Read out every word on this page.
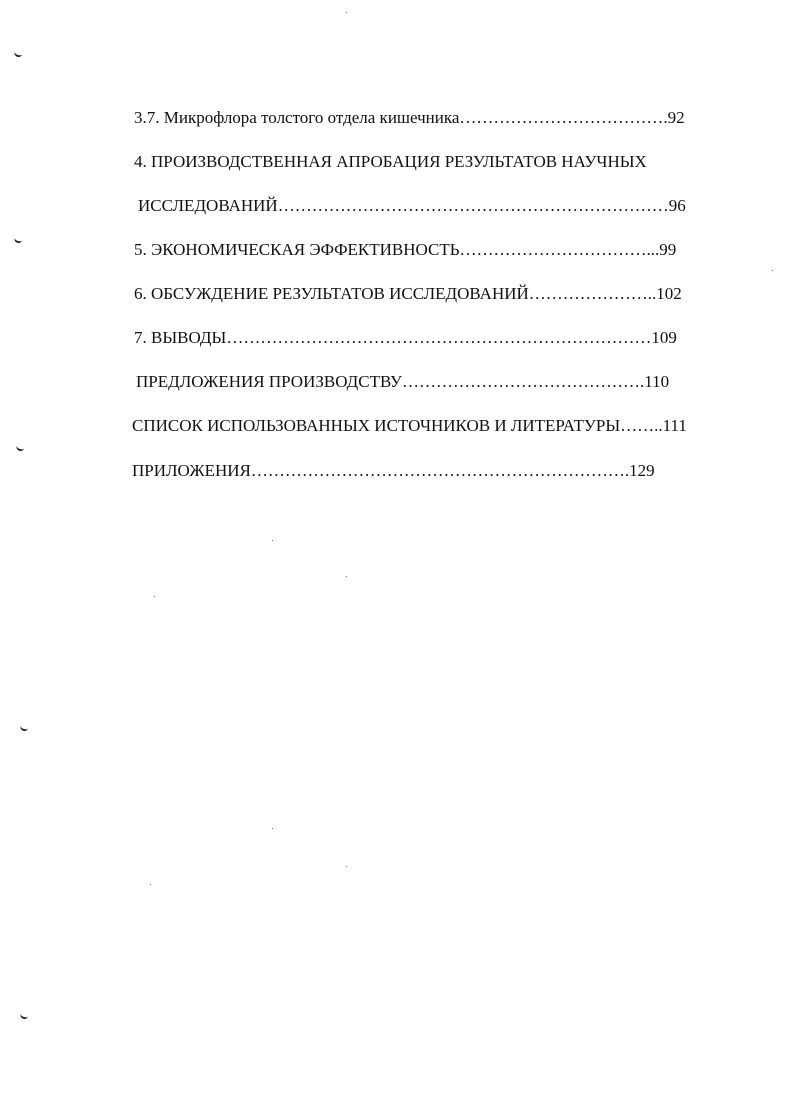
3.7. Микрофлора толстого отдела кишечника……………………………….92
4. ПРОИЗВОДСТВЕННАЯ АПРОБАЦИЯ РЕЗУЛЬТАТОВ НАУЧНЫХ
ИССЛЕДОВАНИЙ……………………………………………………………96
5. ЭКОНОМИЧЕСКАЯ ЭФФЕКТИВНОСТЬ……………………………...99
6. ОБСУЖДЕНИЕ РЕЗУЛЬТАТОВ ИССЛЕДОВАНИЙ…………………..102
7. ВЫВОДЫ…………………………………………………………………109
ПРЕДЛОЖЕНИЯ ПРОИЗВОДСТВУ…………………………………….110
СПИСОК ИСПОЛЬЗОВАННЫХ ИСТОЧНИКОВ И ЛИТЕРАТУРЫ……..111
ПРИЛОЖЕНИЯ………………………………………………………….129
